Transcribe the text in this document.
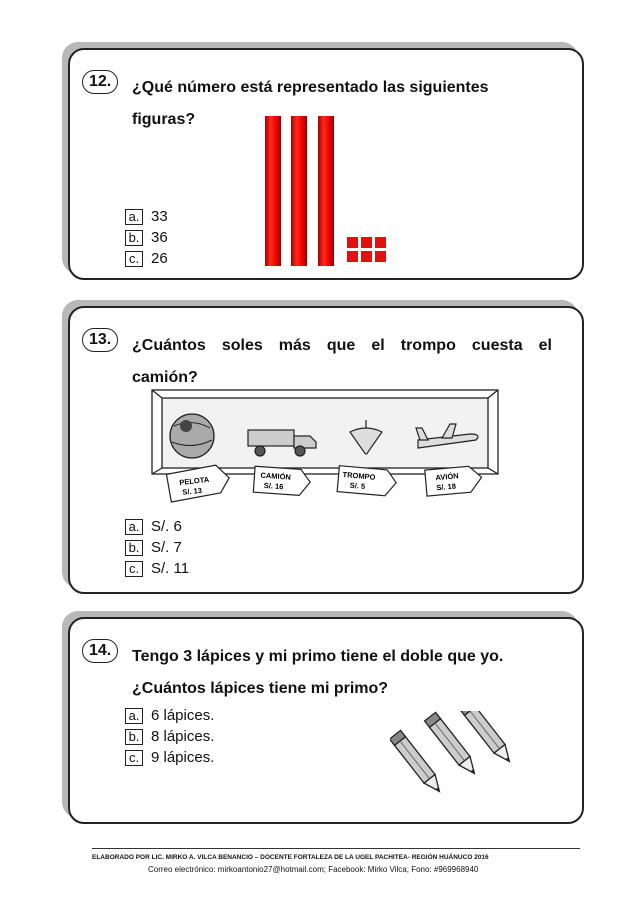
12.	¿Qué número está representado las siguientes
figuras?
a. 33
b. 36
c. 26
13.	¿Cuántos soles más que el trompo cuesta el
camión?
PELOTA
S/. 13
CAMIÓN
S/. 16
TROMPO
S/. 5
AVIÓN
S/. 18
a. S/. 6
b. S/. 7
c. S/. 11
14.	Tengo 3 lápices y mi primo tiene el doble que yo.
¿Cuántos lápices tiene mi primo?
a. 6 lápices.
b. 8 lápices.
c. 9 lápices.
ELABORADO POR LIC. MIRKO A. VILCA BENANCIO – DOCENTE FORTALEZA DE LA UGEL PACHITEA- REGIÓN HUÁNUCO 2016
Correo electrónico: mirkoantonio27@hotmail.com; Facebook: Mirko Vilca; Fono: #969968940
